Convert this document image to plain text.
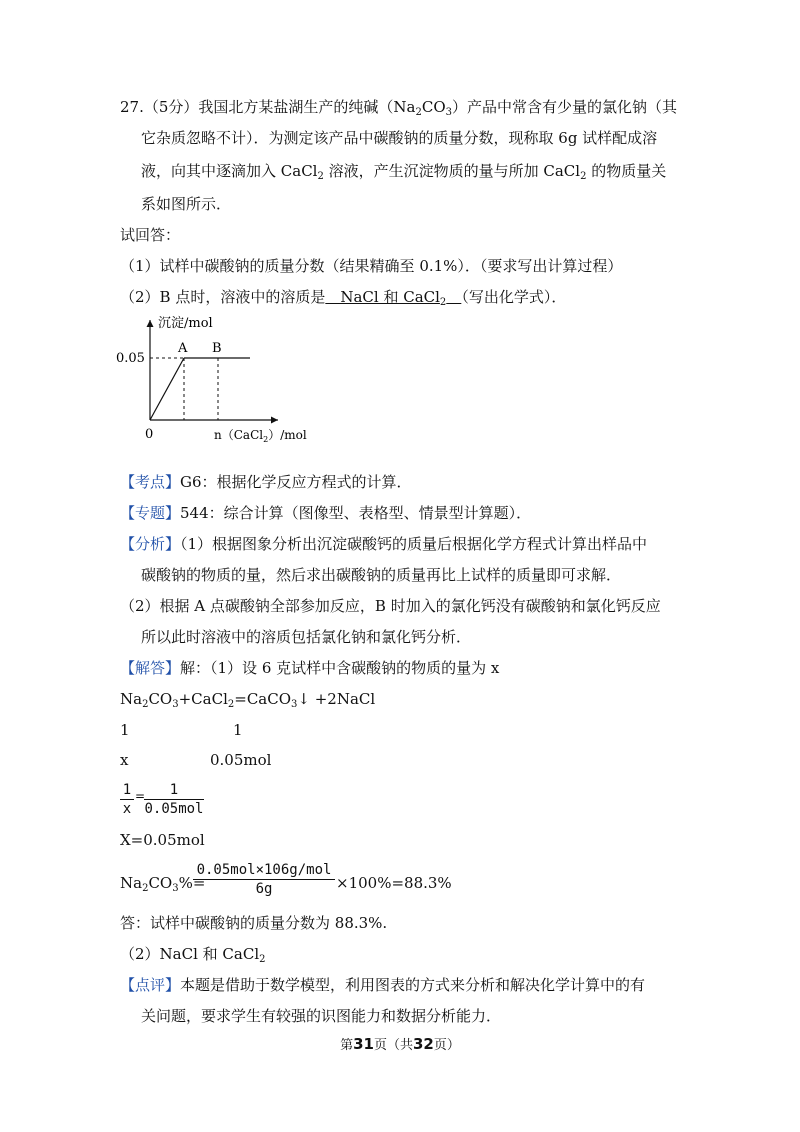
27.（5分）我国北方某盐湖生产的纯碱$(Na_2CO_3)$产品中常含有少量的氯化钠（其
它杂质忽略不计）．为测定该产品中碳酸钠的质量分数，现称取 6g 试样配成溶
液，向其中逐滴加入 CaCl$_2$ 溶液，产生沉淀物质的量与所加 CaCl$_2$ 的物质量关
系如图所示．
试回答：
（1）试样中碳酸钠的质量分数（结果精确至 0.1%）．（要求写出计算过程）
（2）B 点时，溶液中的溶质是　NaCl 和 CaCl$_2$　 （写出化学式）．
沉淀/mol
0.05
0
A B
n（CaCl$_2$）/mol
【考点】G6：根据化学反应方程式的计算．
【专题】544：综合计算（图像型、表格型、情景型计算题）．
【分析】（1）根据图象分析出沉淀碳酸钙的质量后根据化学方程式计算出样品中
碳酸钠的物质的量，然后求出碳酸钠的质量再比上试样的质量即可求解．
（2）根据 A 点碳酸钠全部参加反应，B 时加入的氯化钙没有碳酸钠和氯化钙反应
所以此时溶液中的溶质包括氯化钠和氯化钙分析．
【解答】解：（1）设 6 克试样中含碳酸钠的物质的量为 x
$Na_2CO_3+CaCl_2=CaCO_3↓$ +2NaCl
1	1
x	0.05mol
1
x
=	1
0.05mol
X=0.05mol
$Na_2CO_3\%=$
0.05mol×106g/mol
6g	×100%=88.3%
答：试样中碳酸钠的质量分数为 88.3%.
（2）NaCl 和 CaCl$_2$
【点评】本题是借助于数学模型，利用图表的方式来分析和解决化学计算中的有
关问题，要求学生有较强的识图能力和数据分析能力．
第31页（共32页）
